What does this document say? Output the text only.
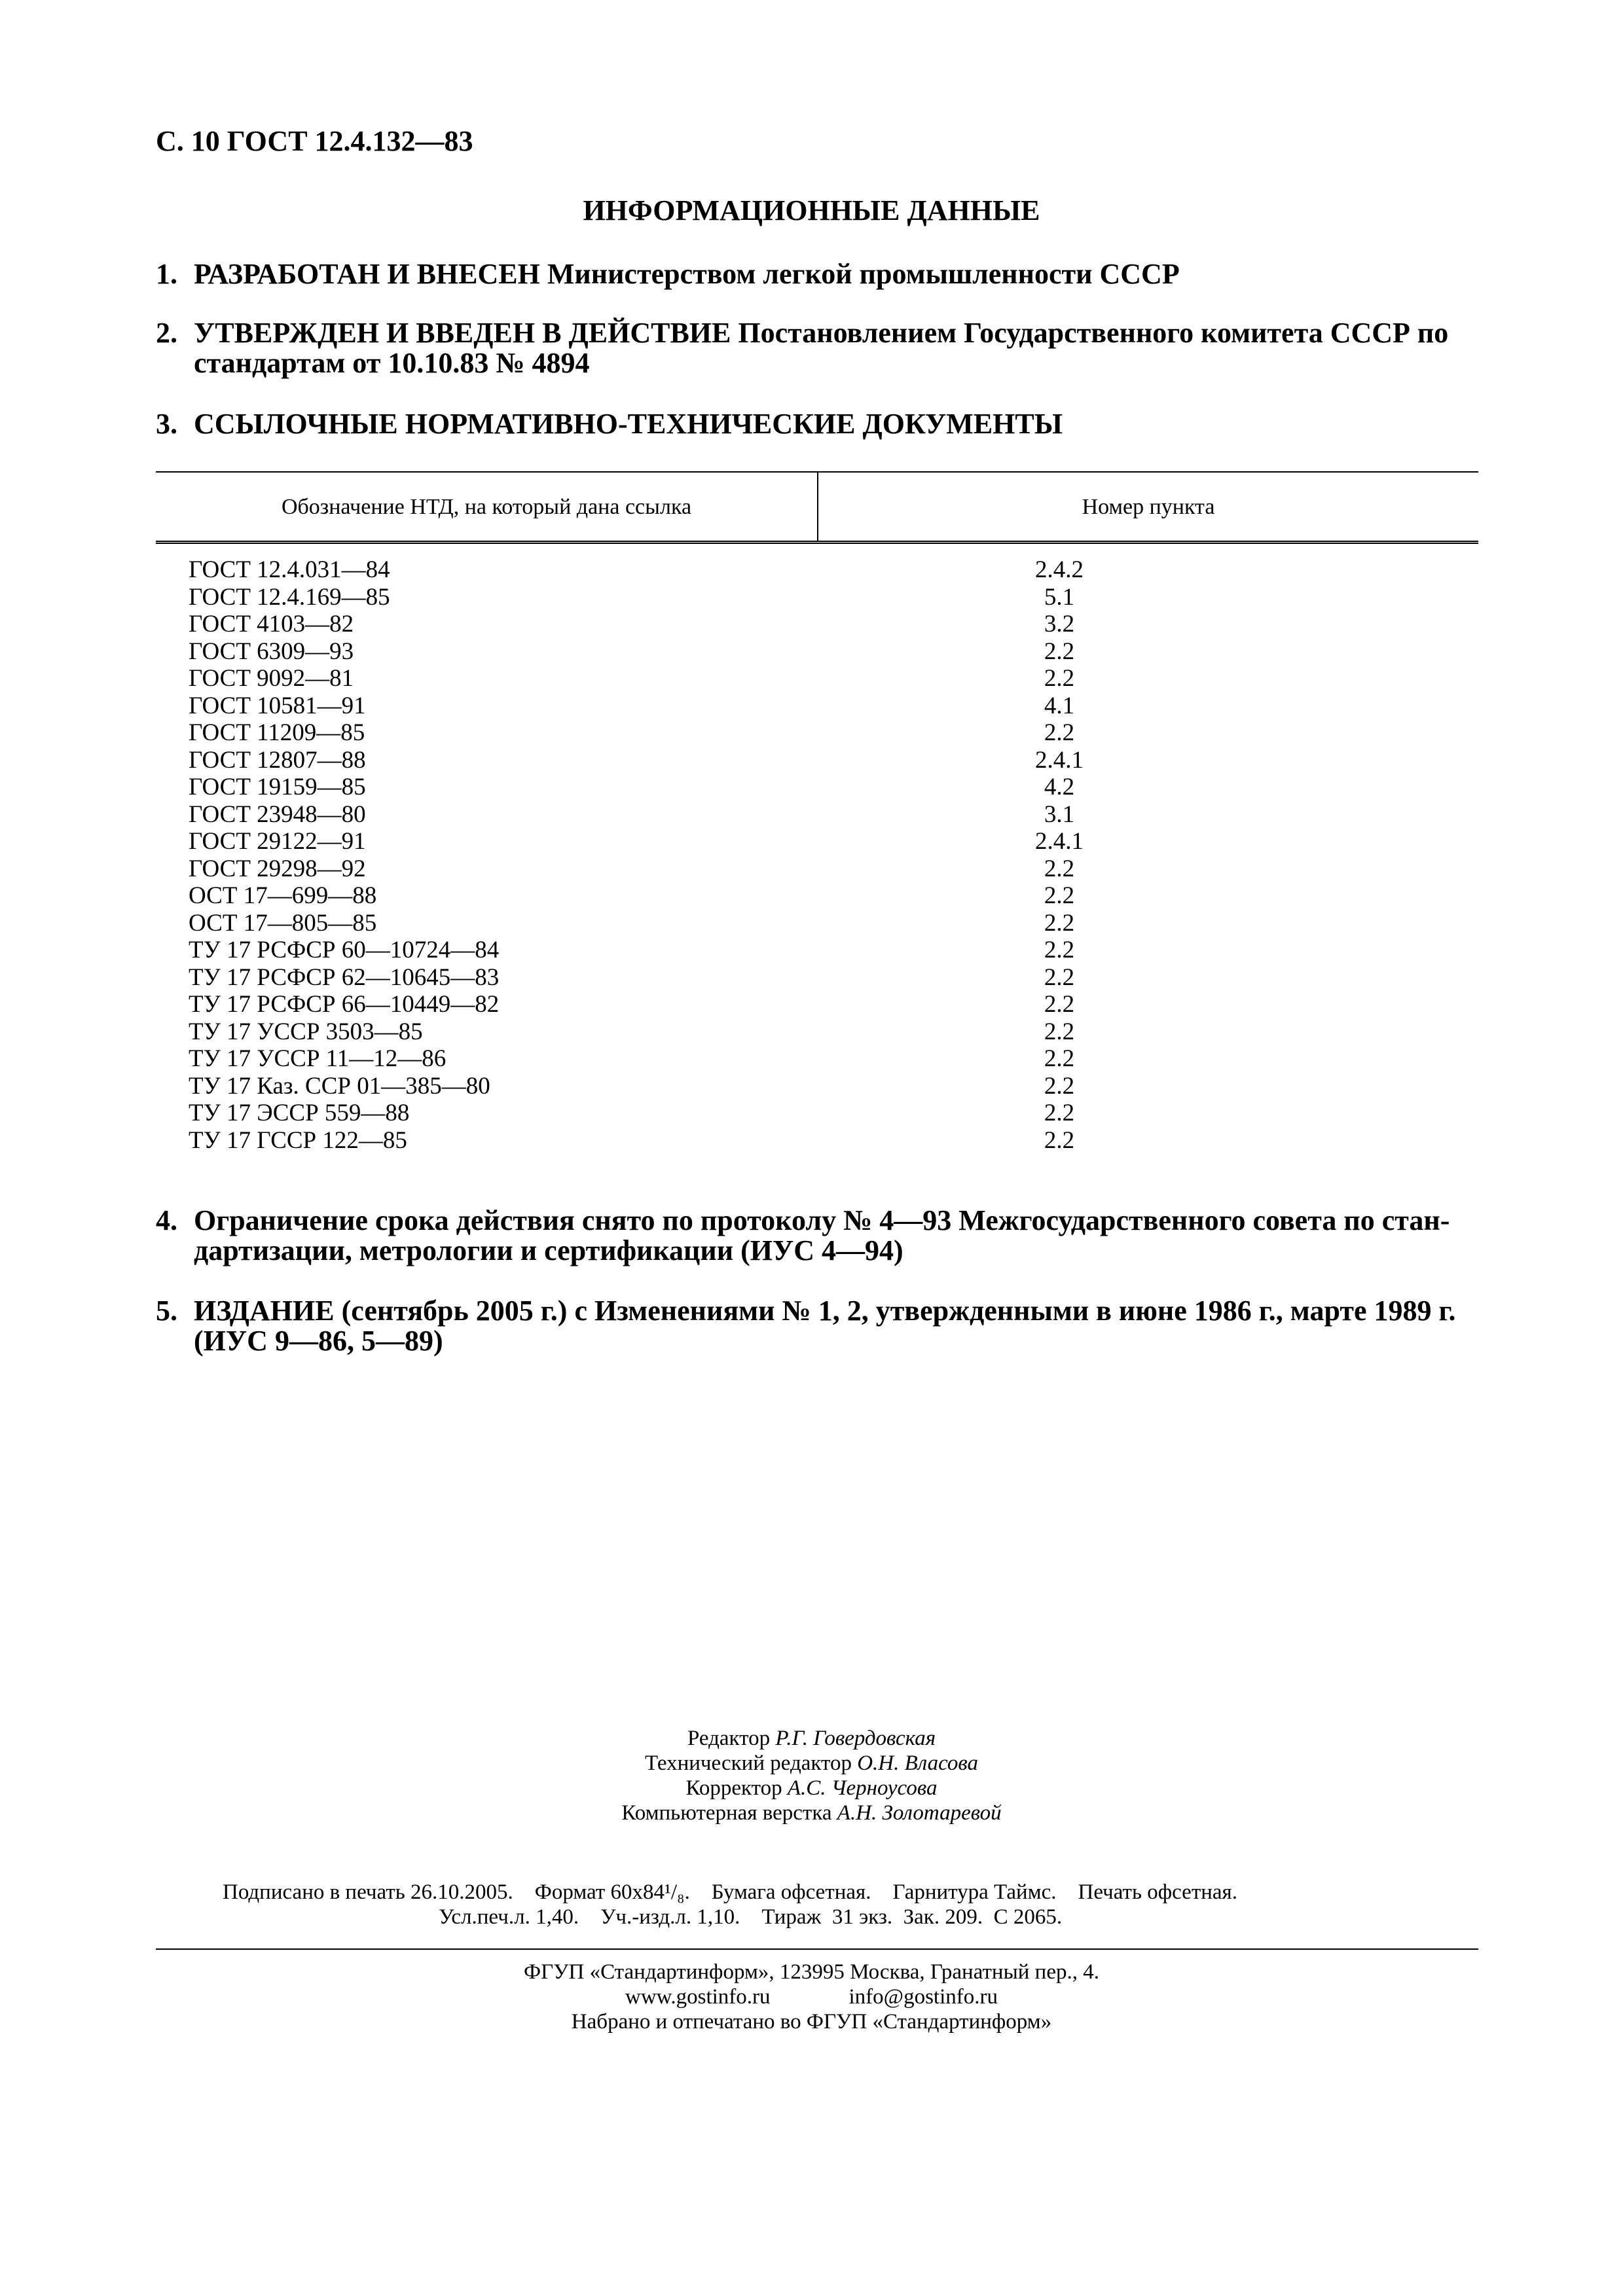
С. 10 ГОСТ 12.4.132—83
ИНФОРМАЦИОННЫЕ ДАННЫЕ
1. РАЗРАБОТАН И ВНЕСЕН Министерством легкой промышленности СССР
2. УТВЕРЖДЕН И ВВЕДЕН В ДЕЙСТВИЕ Постановлением Государственного комитета СССР по
стандартам от 10.10.83 № 4894
3. ССЫЛОЧНЫЕ НОРМАТИВНО-ТЕХНИЧЕСКИЕ ДОКУМЕНТЫ
Обозначение НТД, на который дана ссылка	Номер пункта
ГОСТ 12.4.031—84	2.4.2
ГОСТ 12.4.169—85	5.1
ГОСТ 4103—82	3.2
ГОСТ 6309—93	2.2
ГОСТ 9092—81	2.2
ГОСТ 10581—91	4.1
ГОСТ 11209—85	2.2
ГОСТ 12807—88	2.4.1
ГОСТ 19159—85	4.2
ГОСТ 23948—80	3.1
ГОСТ 29122—91	2.4.1
ГОСТ 29298—92	2.2
ОСТ 17—699—88	2.2
ОСТ 17—805—85	2.2
ТУ 17 РСФСР 60—10724—84	2.2
ТУ 17 РСФСР 62—10645—83	2.2
ТУ 17 РСФСР 66—10449—82	2.2
ТУ 17 УССР 3503—85	2.2
ТУ 17 УССР 11—12—86	2.2
ТУ 17 Каз. ССР 01—385—80	2.2
ТУ 17 ЭССР 559—88	2.2
ТУ 17 ГССР 122—85	2.2
4. Ограничение срока действия снято по протоколу № 4—93 Межгосударственного совета по стан-
дартизации, метрологии и сертификации (ИУС 4—94)
5. ИЗДАНИЕ (сентябрь 2005 г.) с Изменениями № 1, 2, утвержденными в июне 1986 г., марте 1989 г.
(ИУС 9—86, 5—89)
Редактор Р.Г. Говердовская
Технический редактор О.Н. Власова
Корректор А.С. Черноусова
Компьютерная верстка А.Н. Золотаревой
Подписано в печать 26.10.2005.    Формат 60х84¹/₈.    Бумага офсетная.    Гарнитура Таймс.    Печать офсетная.
Усл.печ.л. 1,40.    Уч.-изд.л. 1,10.    Тираж  31 экз.  Зак. 209.  С 2065.
ФГУП «Стандартинформ», 123995 Москва, Гранатный пер., 4.
www.gostinfo.ru	info@gostinfo.ru
Набрано и отпечатано во ФГУП «Стандартинформ»
